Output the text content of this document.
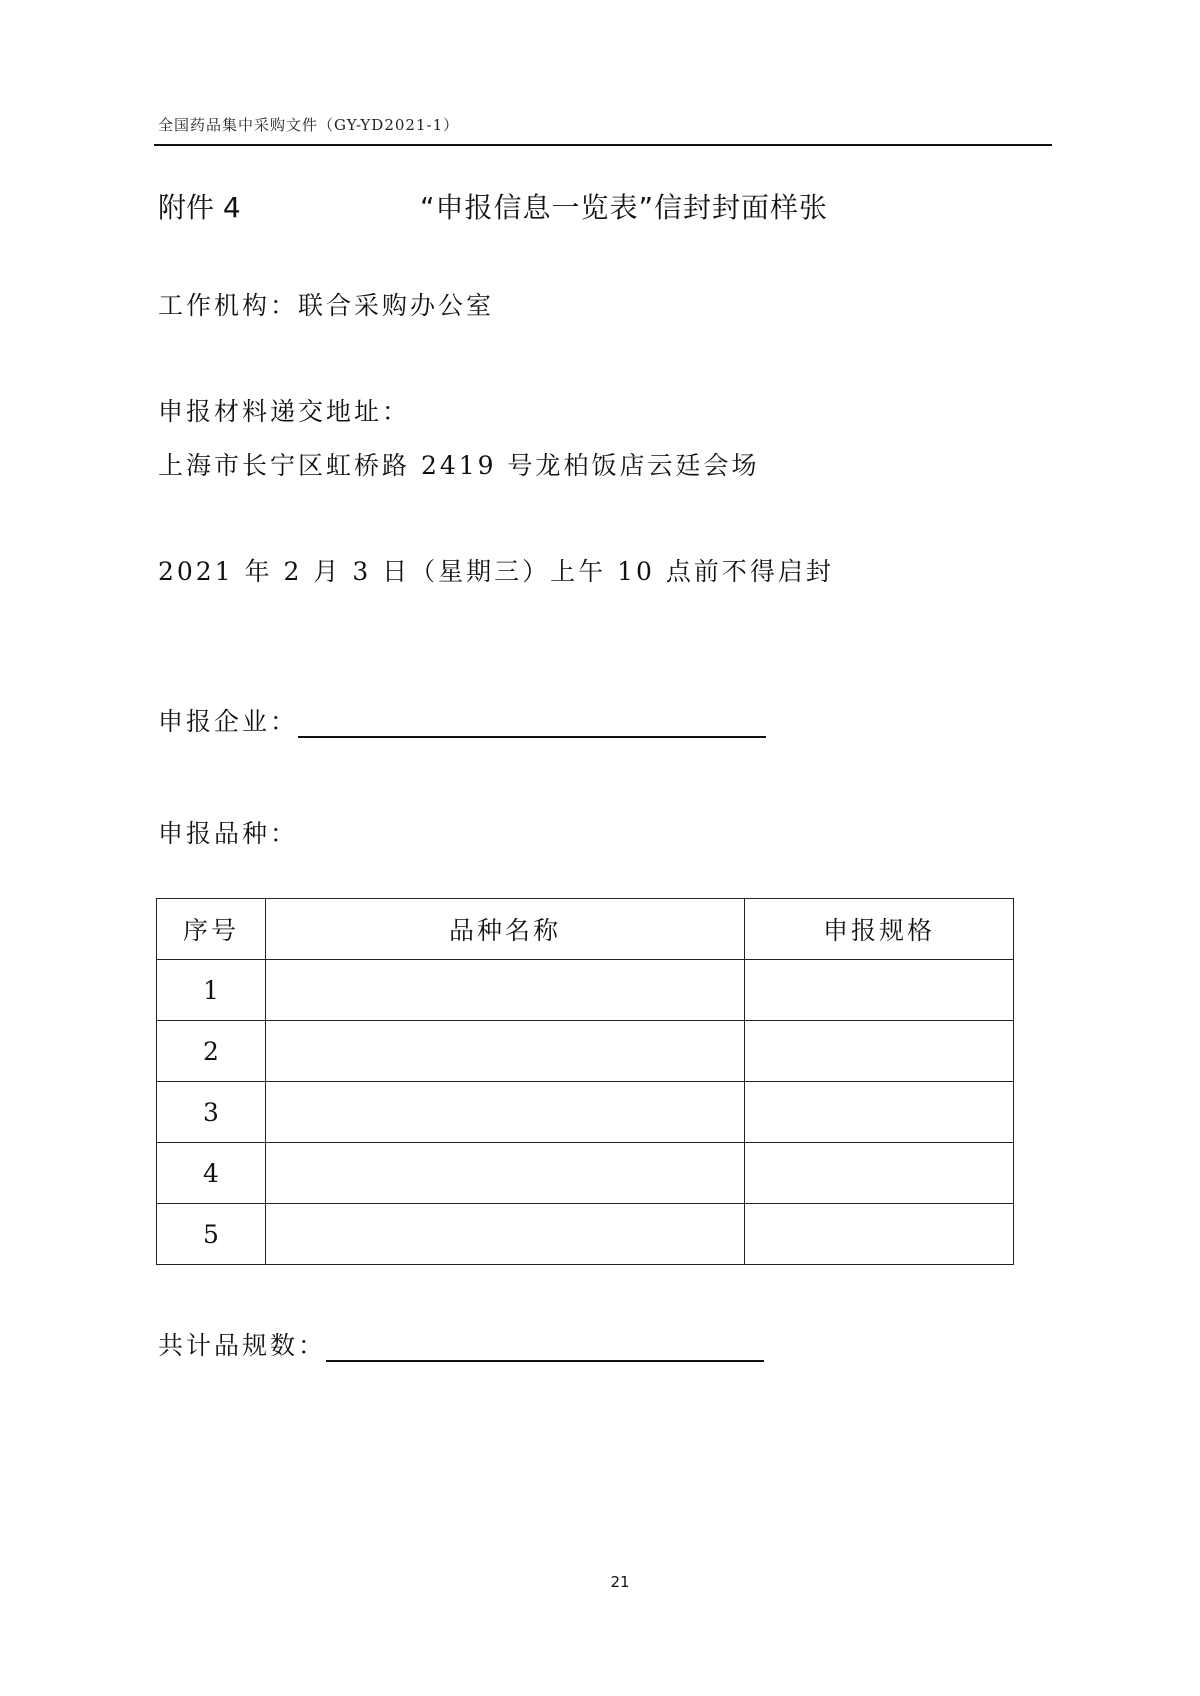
全国药品集中采购文件（GY-YD2021-1）
附件 4	“申报信息一览表”信封封面样张
工作机构：联合采购办公室
申报材料递交地址：
上海市长宁区虹桥路 2419 号龙柏饭店云廷会场
2021 年 2 月 3 日（星期三）上午 10 点前不得启封
申报企业：
申报品种：
序号	品种名称	申报规格
1		
2		
3		
4		
5		
共计品规数：
21
